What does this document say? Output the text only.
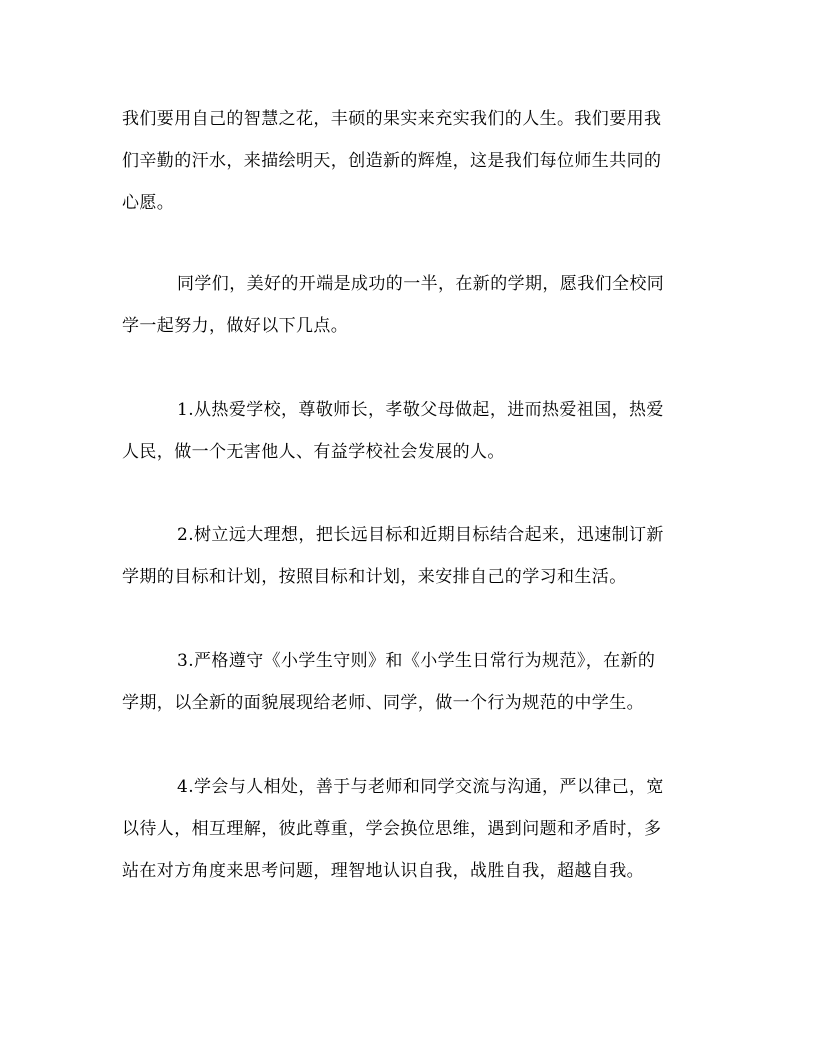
我们要用自己的智慧之花，丰硕的果实来充实我们的人生。我们要用我
们辛勤的汗水，来描绘明天，创造新的辉煌，这是我们每位师生共同的
心愿。
同学们，美好的开端是成功的一半，在新的学期，愿我们全校同
学一起努力，做好以下几点。
1.从热爱学校，尊敬师长，孝敬父母做起，进而热爱祖国，热爱
人民，做一个无害他人、有益学校社会发展的人。
2.树立远大理想，把长远目标和近期目标结合起来，迅速制订新
学期的目标和计划，按照目标和计划，来安排自己的学习和生活。
3.严格遵守《小学生守则》和《小学生日常行为规范》，在新的
学期，以全新的面貌展现给老师、同学，做一个行为规范的中学生。
4.学会与人相处，善于与老师和同学交流与沟通，严以律己，宽
以待人，相互理解，彼此尊重，学会换位思维，遇到问题和矛盾时，多
站在对方角度来思考问题，理智地认识自我，战胜自我，超越自我。
